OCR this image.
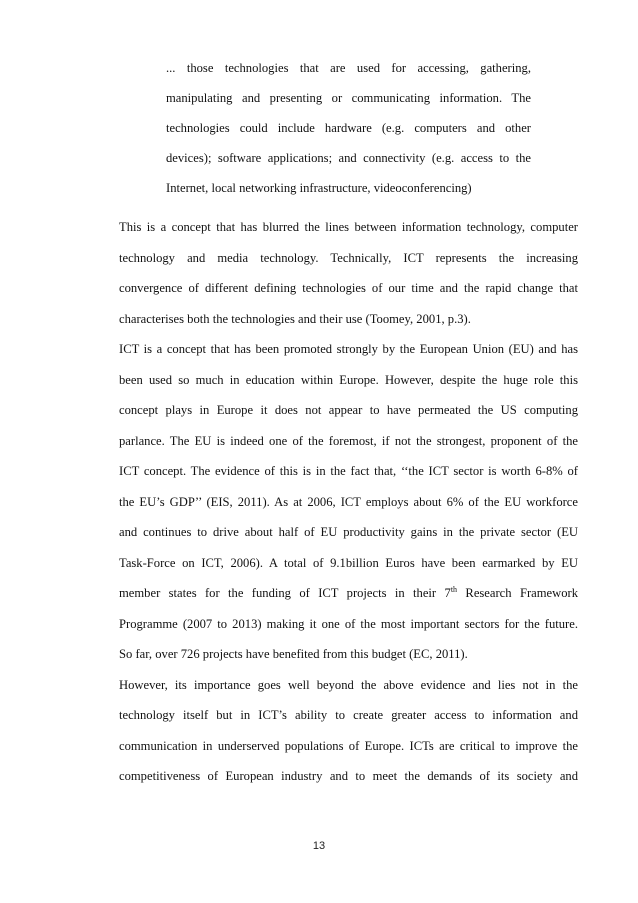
... those technologies that are used for accessing, gathering,
manipulating and presenting or communicating information. The
technologies could include hardware (e.g. computers and other
devices); software applications; and connectivity (e.g. access to the
Internet, local networking infrastructure, videoconferencing)
This is a concept that has blurred the lines between information technology, computer
technology and media technology. Technically, ICT represents the increasing
convergence of different defining technologies of our time and the rapid change that
characterises both the technologies and their use (Toomey, 2001, p.3).
ICT is a concept that has been promoted strongly by the European Union (EU) and has
been used so much in education within Europe. However, despite the huge role this
concept plays in Europe it does not appear to have permeated the US computing
parlance. The EU is indeed one of the foremost, if not the strongest, proponent of the
ICT concept. The evidence of this is in the fact that, ‘‘the ICT sector is worth 6-8% of
the EU’s GDP’’ (EIS, 2011). As at 2006, ICT employs about 6% of the EU workforce
and continues to drive about half of EU productivity gains in the private sector (EU
Task-Force on ICT, 2006). A total of 9.1billion Euros have been earmarked by EU
member states for the funding of ICT projects in their 7th Research Framework
Programme (2007 to 2013) making it one of the most important sectors for the future.
So far, over 726 projects have benefited from this budget (EC, 2011).
However, its importance goes well beyond the above evidence and lies not in the
technology itself but in ICT’s ability to create greater access to information and
communication in underserved populations of Europe. ICTs are critical to improve the
competitiveness of European industry and to meet the demands of its society and
13
